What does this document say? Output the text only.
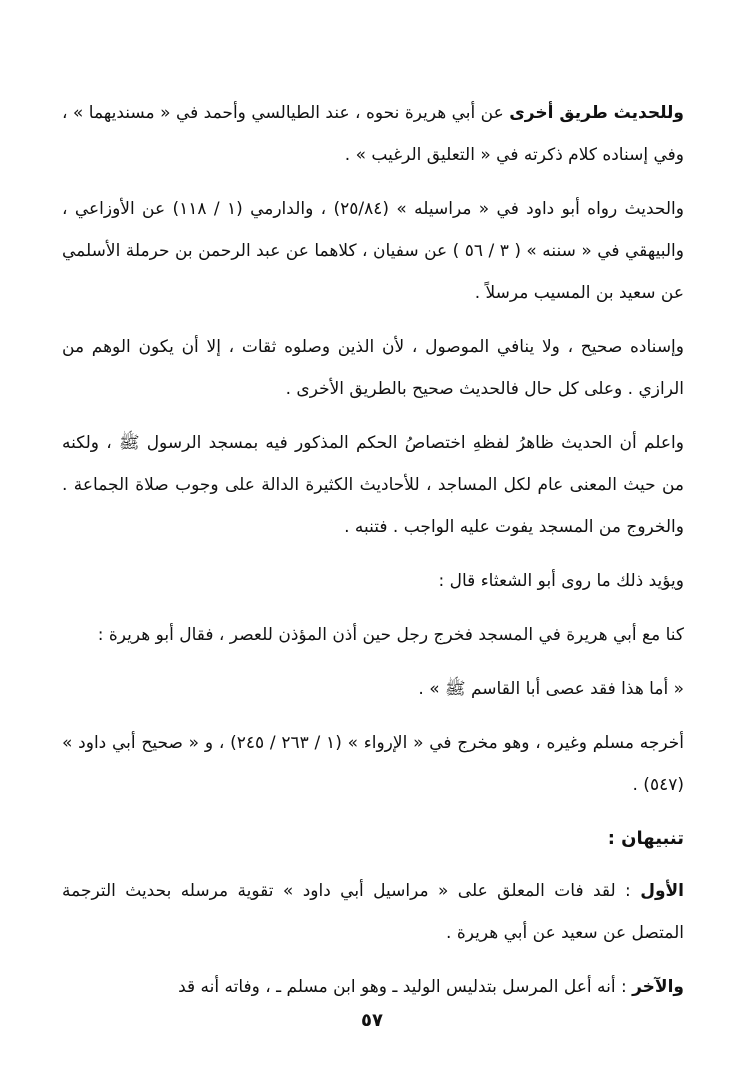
وللحديث طريق أخرى عن أبي هريرة نحوه ، عند الطيالسي وأحمد في « مسنديهما » ، وفي إسناده كلام ذكرته في « التعليق الرغيب » .

والحديث رواه أبو داود في « مراسيله » (٢٥/٨٤) ، والدارمي (١ / ١١٨) عن الأوزاعي ، والبيهقي في « سننه » ( ٣ / ٥٦ ) عن سفيان ، كلاهما عن عبد الرحمن بن حرملة الأسلمي عن سعيد بن المسيب مرسلاً .

وإسناده صحيح ، ولا ينافي الموصول ، لأن الذين وصلوه ثقات ، إلا أن يكون الوهم من الرازي . وعلى كل حال فالحديث صحيح بالطريق الأخرى .

واعلم أن الحديث ظاهرُ لفظهِ اختصاصُ الحكم المذكور فيه بمسجد الرسول ﷺ ، ولكنه من حيث المعنى عام لكل المساجد ، للأحاديث الكثيرة الدالة على وجوب صلاة الجماعة . والخروج من المسجد يفوت عليه الواجب . فتنبه .

ويؤيد ذلك ما روى أبو الشعثاء قال :

كنا مع أبي هريرة في المسجد فخرج رجل حين أذن المؤذن للعصر ، فقال أبو هريرة :

« أما هذا فقد عصى أبا القاسم ﷺ » .

أخرجه مسلم وغيره ، وهو مخرج في « الإرواء » (١ / ٢٦٣ / ٢٤٥) ، و « صحيح أبي داود » (٥٤٧) .

تنبيهان :

الأول : لقد فات المعلق على « مراسيل أبي داود » تقوية مرسله بحديث الترجمة المتصل عن سعيد عن أبي هريرة .

والآخر : أنه أعل المرسل بتدليس الوليد ـ وهو ابن مسلم ـ ، وفاته أنه قد

٥٧
